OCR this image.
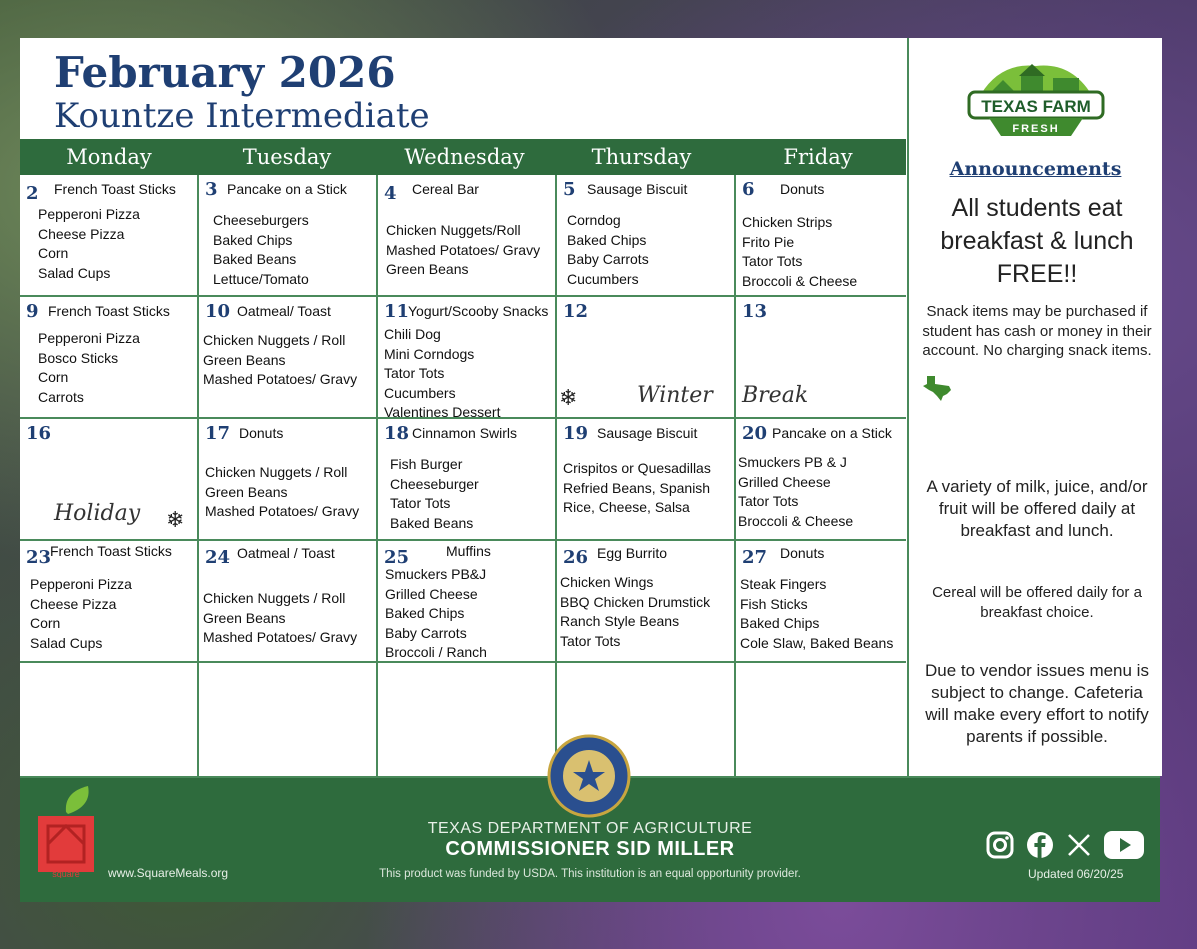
February 2026
Kountze Intermediate
Monday	Tuesday	Wednesday	Thursday	Friday
2 French Toast Sticks
Pepperoni Pizza
Cheese Pizza
Corn
Salad Cups
3 Pancake on a Stick
Cheeseburgers
Baked Chips
Baked Beans
Lettuce/Tomato
4 Cereal Bar
Chicken Nuggets/Roll
Mashed Potatoes/ Gravy
Green Beans
5 Sausage Biscuit
Corndog
Baked Chips
Baby Carrots
Cucumbers
6 Donuts
Chicken Strips
Frito Pie
Tator Tots
Broccoli & Cheese
9 French Toast Sticks
Pepperoni Pizza
Bosco Sticks
Corn
Carrots
10 Oatmeal/ Toast
Chicken Nuggets / Roll
Green Beans
Mashed Potatoes/ Gravy
11
Yogurt/Scooby Snacks
Chili Dog
Mini Corndogs
Tator Tots
Cucumbers
Valentines Dessert
12
❄	Winter
13
Break
16
Holiday ❄
17 Donuts
Chicken Nuggets / Roll
Green Beans
Mashed Potatoes/ Gravy
18 Cinnamon Swirls
Fish Burger
Cheeseburger
Tator Tots
Baked Beans
19 Sausage Biscuit
Crispitos or Quesadillas
Refried Beans, Spanish
Rice, Cheese, Salsa
20 Pancake on a Stick
Smuckers PB & J
Grilled Cheese
Tator Tots
Broccoli & Cheese
23
French Toast Sticks
Pepperoni Pizza
Cheese Pizza
Corn
Salad Cups
24 Oatmeal / Toast
Chicken Nuggets / Roll
Green Beans
Mashed Potatoes/ Gravy
25	Muffins
Smuckers PB&J
Grilled Cheese
Baked Chips
Baby Carrots
Broccoli / Ranch
26 Egg Burrito
Chicken Wings
BBQ Chicken Drumstick
Ranch Style Beans
Tator Tots
27 Donuts
Steak Fingers
Fish Sticks
Baked Chips
Cole Slaw, Baked Beans
TEXAS FARM
FRESH
Announcements

All students eat breakfast & lunch FREE!!

Snack items may be purchased if student has cash or money in their account. No charging snack items.

A variety of milk, juice, and/or fruit will be offered daily at breakfast and lunch.

Cereal will be offered daily for a breakfast choice.

Due to vendor issues menu is subject to change. Cafeteria will make every effort to notify parents if possible.

square www.SquareMeals.org
TEXAS DEPARTMENT OF AGRICULTURE
COMMISSIONER SID MILLER
This product was funded by USDA. This institution is an equal opportunity provider.	Updated 06/20/25
